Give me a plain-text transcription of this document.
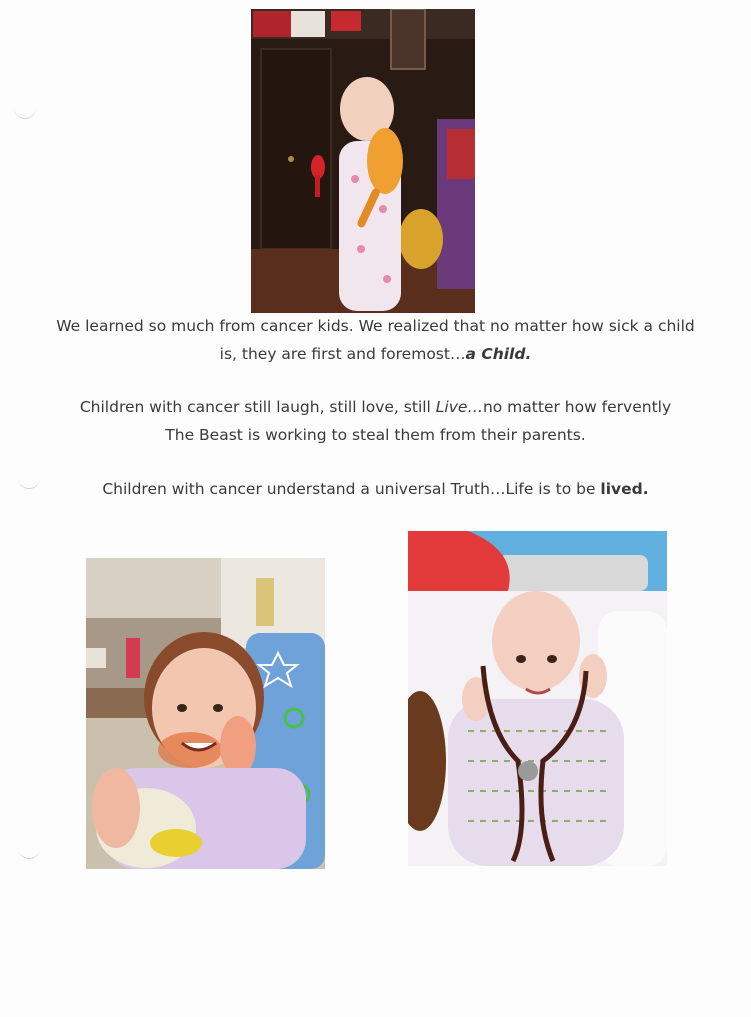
We learned so much from cancer kids. We realized that no matter how sick a child

is, they are first and foremost…a Child.

Children with cancer still laugh, still love, still Live…no matter how fervently

The Beast is working to steal them from their parents.

Children with cancer understand a universal Truth…Life is to be lived.
